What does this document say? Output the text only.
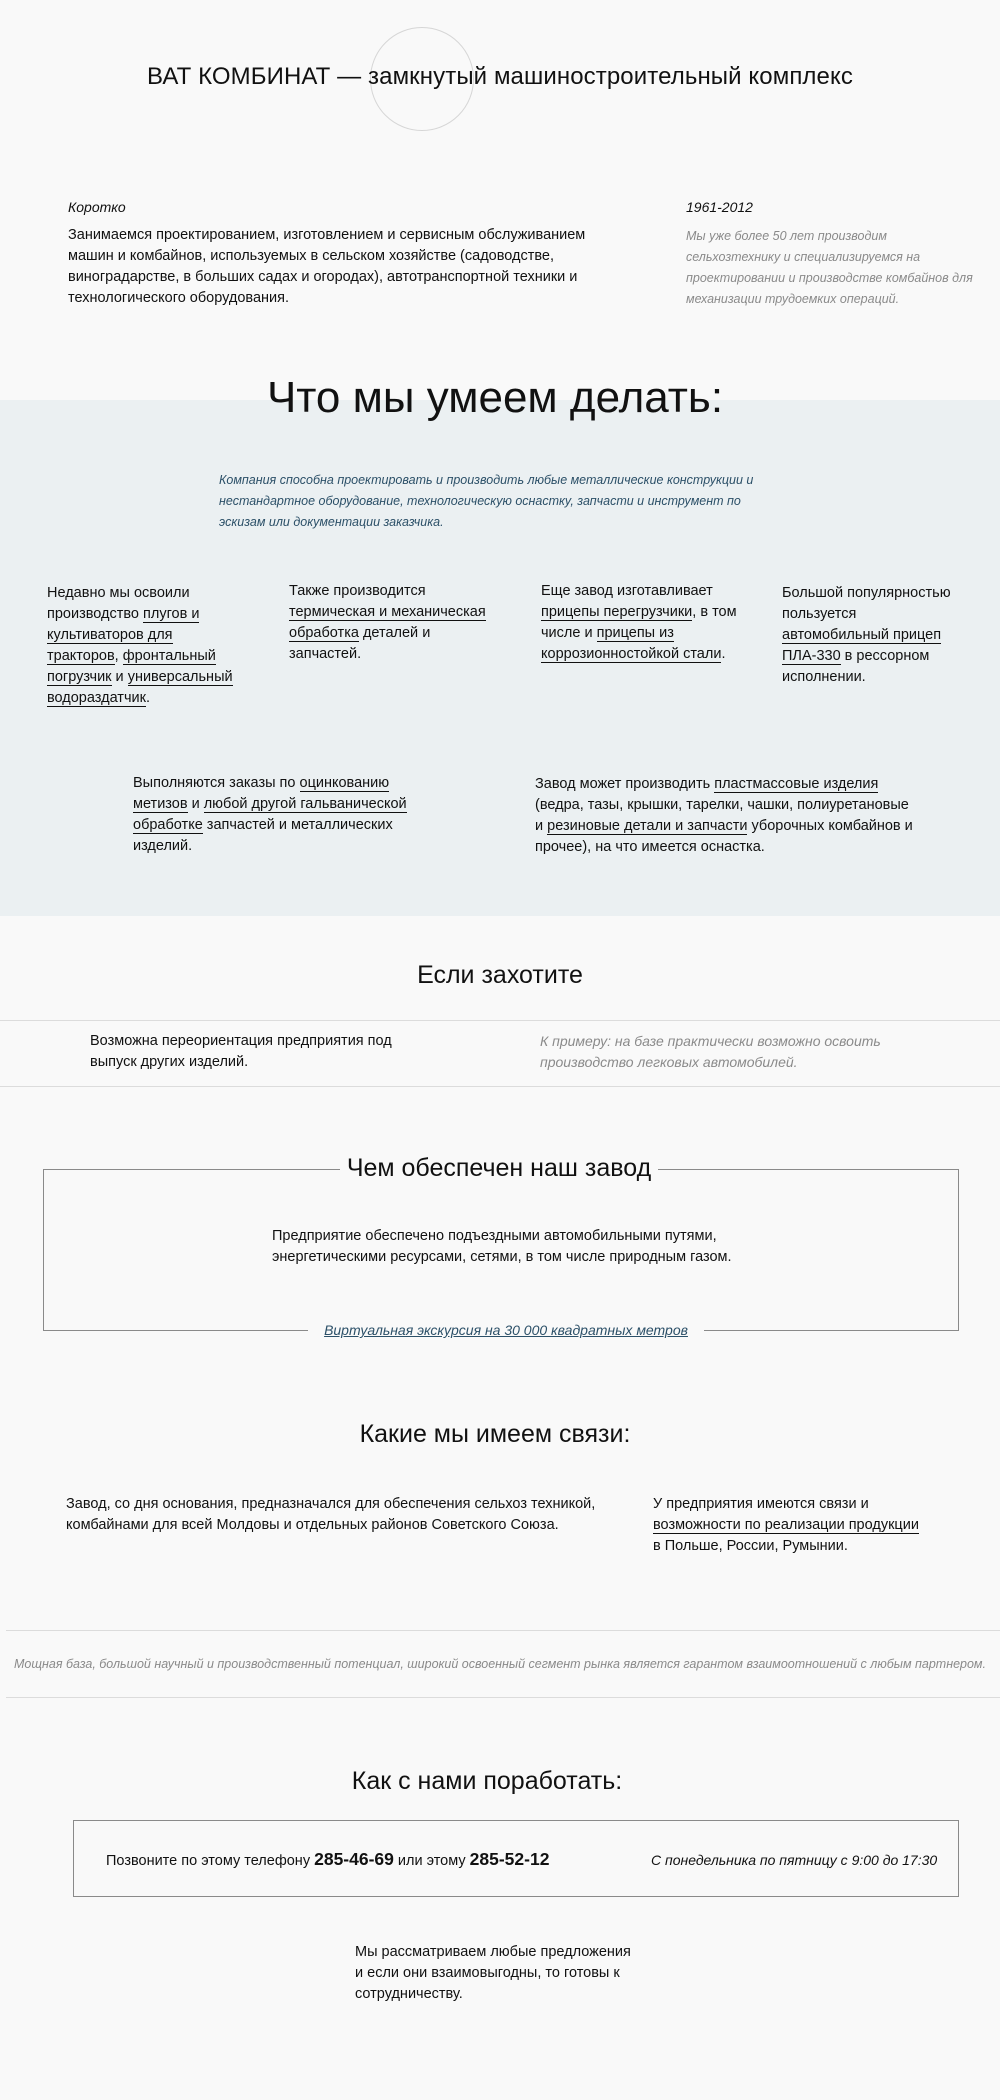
ВАТ КОМБИНАТ — замкнутый машиностроительный комплекс
Коротко

Занимаемся проектированием, изготовлением и сервисным обслуживанием машин и комбайнов, используемых в сельском хозяйстве (садоводстве, виноградарстве, в больших садах и огородах), автотранспортной техники и технологического оборудования.

1961-2012

Мы уже более 50 лет производим сельхозтехнику и специализируемся на проектировании и производстве комбайнов для механизации трудоемких операций.

Что мы умеем делать:

Компания способна проектировать и производить любые металлические конструкции и нестандартное оборудование, технологическую оснастку, запчасти и инструмент по эскизам или документации заказчика.

Недавно мы освоили производство плугов и культиваторов для тракторов, фронтальный погрузчик и универсальный водораздатчик.

Также производится термическая и механическая обработка деталей и запчастей.

Еще завод изготавливает прицепы перегрузчики, в том числе и прицепы из коррозионностойкой стали.

Большой популярностью пользуется автомобильный прицеп ПЛА-330 в рессорном исполнении.

Выполняются заказы по оцинкованию метизов и любой другой гальванической обработке запчастей и металлических изделий.

Завод может производить пластмассовые изделия (ведра, тазы, крышки, тарелки, чашки, полиуретановые и резиновые детали и запчасти уборочных комбайнов и прочее), на что имеется оснастка.

Если захотите

Возможна переориентация предприятия под выпуск других изделий.

К примеру: на базе практически возможно освоить производство легковых автомобилей.

Чем обеспечен наш завод

Предприятие обеспечено подъездными автомобильными путями, энергетическими ресурсами, сетями, в том числе природным газом.

Виртуальная экскурсия на 30 000 квадратных метров
Какие мы имеем связи:

Завод, со дня основания, предназначался для обеспечения сельхоз техникой, комбайнами для всей Молдовы и отдельных районов Советского Союза.

У предприятия имеются связи и возможности по реализации продукции в Польше, России, Румынии.

Мощная база, большой научный и производственный потенциал, широкий освоенный сегмент рынка является гарантом взаимоотношений с любым партнером.

Как с нами поработать:

Позвоните по этому телефону 285-46-69 или этому 285-52-12	С понедельника по пятницу с 9:00 до 17:30

Мы рассматриваем любые предложения и если они взаимовыгодны, то готовы к сотрудничеству.
